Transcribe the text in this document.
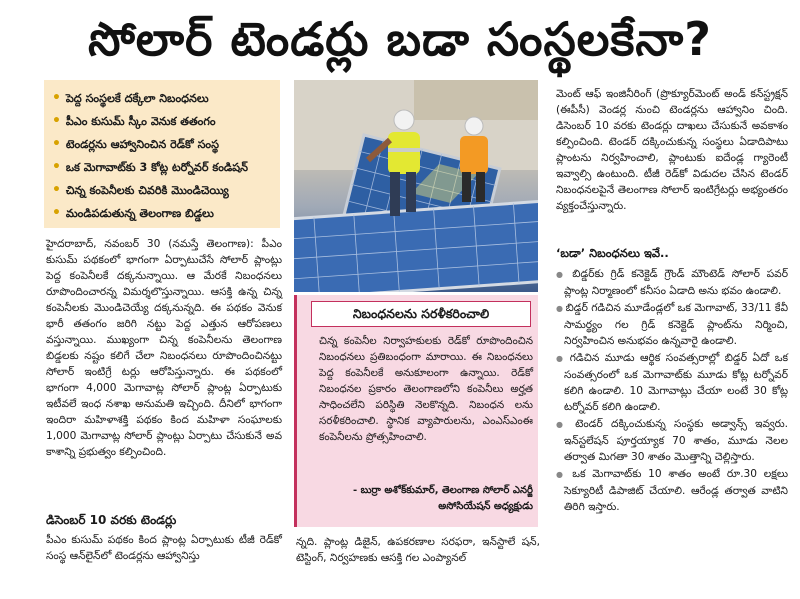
సోలార్ టెండర్లు బడా సంస్థలకేనా?
• పెద్ద సంస్థలకే దక్కేలా నిబంధనలు
• పీఎం కుసుమ్ స్కీం వెనుక తతంగం
• టెండర్లను ఆహ్వానించిన రెడ్‌కో సంస్థ
• ఒక మెగావాట్‌కు 3 కోట్ల టర్నోవర్ కండిషన్
• చిన్న కంపెనీలకు చివరికి మొండిచెయ్యి
• మండిపడుతున్న తెలంగాణ బిడ్డలు
హైదరాబాద్, నవంబర్ 30 (నమస్తే తెలంగాణ): పీఎం కుసుమ్ పథకంలో భాగంగా ఏర్పాటుచేసే సోలార్ ప్లాంట్లు పెద్ద కంపెనీలకే దక్కనున్నాయి. ఆ మేరకే నిబంధనలు రూపొందించారన్న విమర్శలొస్తున్నాయి. ఆసక్తి ఉన్న చిన్న కంపెనీలకు మొండిచెయ్యే దక్కనున్నది. ఈ పథకం వెనుక భారీ తతంగం జరిగి నట్టు పెద్ద ఎత్తున ఆరోపణలు వస్తున్నాయి. ముఖ్యంగా చిన్న కంపెనీలను తెలంగాణ బిడ్డలకు నష్టం కలిగే చేలా నిబంధనలు రూపొందించినట్టు సోలార్ ఇంటిగ్రే టర్లు ఆరోపిస్తున్నారు. ఈ పథకంలో భాగంగా 4,000 మెగావాట్ల సోలార్ ప్లాంట్ల ఏర్పాటుకు ఇటీవలే ఇంధ నశాఖ అనుమతి ఇచ్చింది. దీనిలో భాగంగా ఇందిరా మహిళాశక్తి పథకం కింద మహిళా సంఘాలకు 1,000 మెగావాట్ల సోలార్ ప్లాంట్లు ఏర్పాటు చేసుకునే అవ కాశాన్ని ప్రభుత్వం కల్పించింది.
డిసెంబర్ 10 వరకు టెండర్లు
పీఎం కుసుమ్ పథకం కింద ప్లాంట్ల ఏర్పాటుకు టీజీ రెడ్‌కో సంస్థ ఆన్‌లైన్‌లో టెండర్లను ఆహ్వానిస్తు
నిబంధనలను సరళీకరించాలి
చిన్న కంపెనీల నిర్వాహకులకు రెడ్‌కో రూపొందించిన నిబంధనలు ప్రతిబంధంగా మారాయి. ఈ నిబంధనలు పెద్ద కంపెనీలకే అనుకూలంగా ఉన్నాయి. రెడ్‌కో నిబంధనల ప్రకారం తెలంగాణలోని కంపెనీలు అర్హత సాధించలేని పరిస్థితి నెలకొన్నది. నిబంధన లను సరళీకరించాలి. స్థానిక వ్యాపారులను, ఎంఎస్ఎంఈ కంపెనీలను ప్రోత్సహించాలి.
- బుర్రా అశోక్‌కుమార్, తెలంగాణ సోలార్ ఎనర్జీ అసోసియేషన్ అధ్యక్షుడు
న్నది. ప్లాంట్ల డిజైన్, ఉపకరణాల సరఫరా, ఇన్‌స్టాలే షన్, టెస్టింగ్, నిర్వహణకు ఆసక్తి గల ఎంప్యానల్
మెంట్ ఆఫ్ ఇంజినీరింగ్ (ప్రొక్యూర్‌మెంట్ అండ్ కన్‌స్ట్రక్షన్ (ఈపీసీ) వెండర్ల నుంచి టెండర్లను ఆహ్వానిం చింది. డిసెంబర్ 10 వరకు టెండర్లు దాఖలు చేసుకునే అవకాశం కల్పించింది. టెండర్ దక్కించుకున్న సంస్థలు ఏడాదిపాటు ప్లాంటను నిర్వహించాలి, ప్లాంటుకు ఐదేండ్ల గ్యారెంటీ ఇవ్వాల్సి ఉంటుంది. టీజీ రెడ్‌కో విడుదల చేసిన టెండర్ నిబంధనలపైనే తెలంగాణ సోలార్ ఇంటిగ్రేటర్లు అభ్యంతరం వ్యక్తంచేస్తున్నారు.
‘బడా’ నిబంధనలు ఇవే..
● బిడ్డర్‌కు గ్రిడ్ కనెక్టెడ్ గ్రౌండ్ మౌంటెడ్ సోలార్ పవర్ ప్లాంట్ల నిర్మాణంలో కనీసం ఏడాది అను భవం ఉండాలి.
● బిడ్డర్ గడిచిన మూడేండ్లలో ఒక మెగావాట్, 33/11 కేవీ సామర్థ్యం గల గ్రిడ్ కనెక్టెడ్ ప్లాంట్‌ను నిర్మించి, నిర్వహించిన అనుభవం ఉన్నవారై ఉండాలి.
● గడిచిన మూడు ఆర్థిక సంవత్సరాల్లో బిడ్డర్ ఏదో ఒక సంవత్సరంలో ఒక మెగావాట్‌కు మూడు కోట్ల టర్నోవర్ కలిగి ఉండాలి. 10 మెగావాట్లు చేయా లంటే 30 కోట్ల టర్నోవర్ కలిగి ఉండాలి.
● టెండర్ దక్కించుకున్న సంస్థకు అడ్వాన్స్ ఇవ్వరు. ఇన్‌స్టలేషన్ పూర్తయ్యాక 70 శాతం, మూడు నెలల తర్వాత మిగతా 30 శాతం మొత్తాన్ని చెల్లిస్తారు.
● ఒక మెగావాట్‌కు 10 శాతం అంటే రూ.30 లక్షలు సెక్యూరిటీ డిపాజిట్ చేయాలి. ఆరేండ్ల తర్వాత వాటిని తిరిగి ఇస్తారు.
